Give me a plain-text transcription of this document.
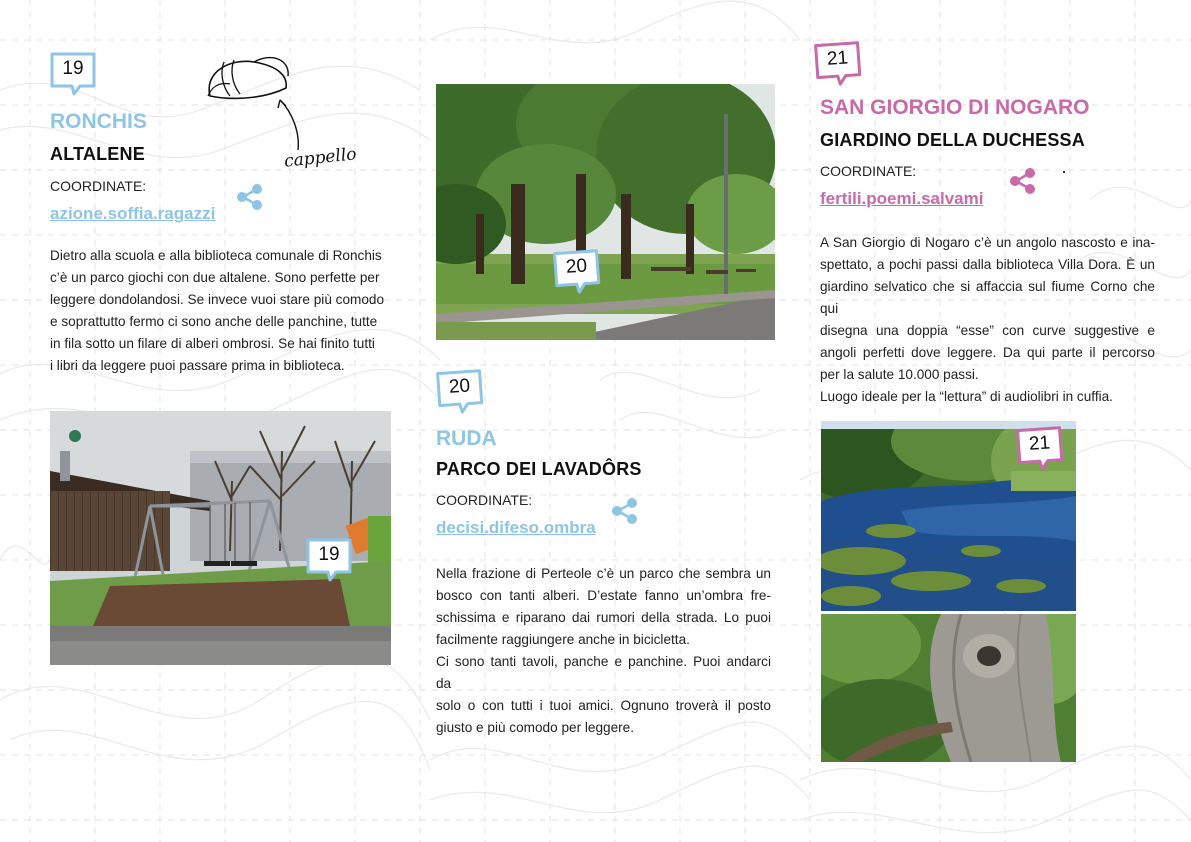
19
RONCHIS
ALTALENE
COORDINATE:
azione.soffia.ragazzi
cappello

Dietro alla scuola e alla biblioteca comunale di Ronchis

c’è un parco giochi con due altalene. Sono perfette per

leggere dondolandosi. Se invece vuoi stare più comodo

e soprattutto fermo ci sono anche delle panchine, tutte

in fila sotto un filare di alberi ombrosi. Se hai finito tutti

i libri da leggere puoi passare prima in biblioteca.

19
20
20
RUDA
PARCO DEI LAVADÔRS
COORDINATE:
decisi.difeso.ombra

Nella frazione di Perteole c’è un parco che sembra un

bosco con tanti alberi. D’estate fanno un’ombra fre-

schissima e riparano dai rumori della strada. Lo puoi

facilmente raggiungere anche in bicicletta.

Ci sono tanti tavoli, panche e panchine. Puoi andarci da

solo o con tutti i tuoi amici. Ognuno troverà il posto

giusto e più comodo per leggere.

21
SAN GIORGIO DI NOGARO
GIARDINO DELLA DUCHESSA
COORDINATE:
fertili.poemi.salvami

A San Giorgio di Nogaro c’è un angolo nascosto e ina-

spettato, a pochi passi dalla biblioteca Villa Dora. È un

giardino selvatico che si affaccia sul fiume Corno che qui

disegna una doppia “esse” con curve suggestive e

angoli perfetti dove leggere. Da qui parte il percorso

per la salute 10.000 passi.

Luogo ideale per la “lettura” di audiolibri in cuffia.

21
